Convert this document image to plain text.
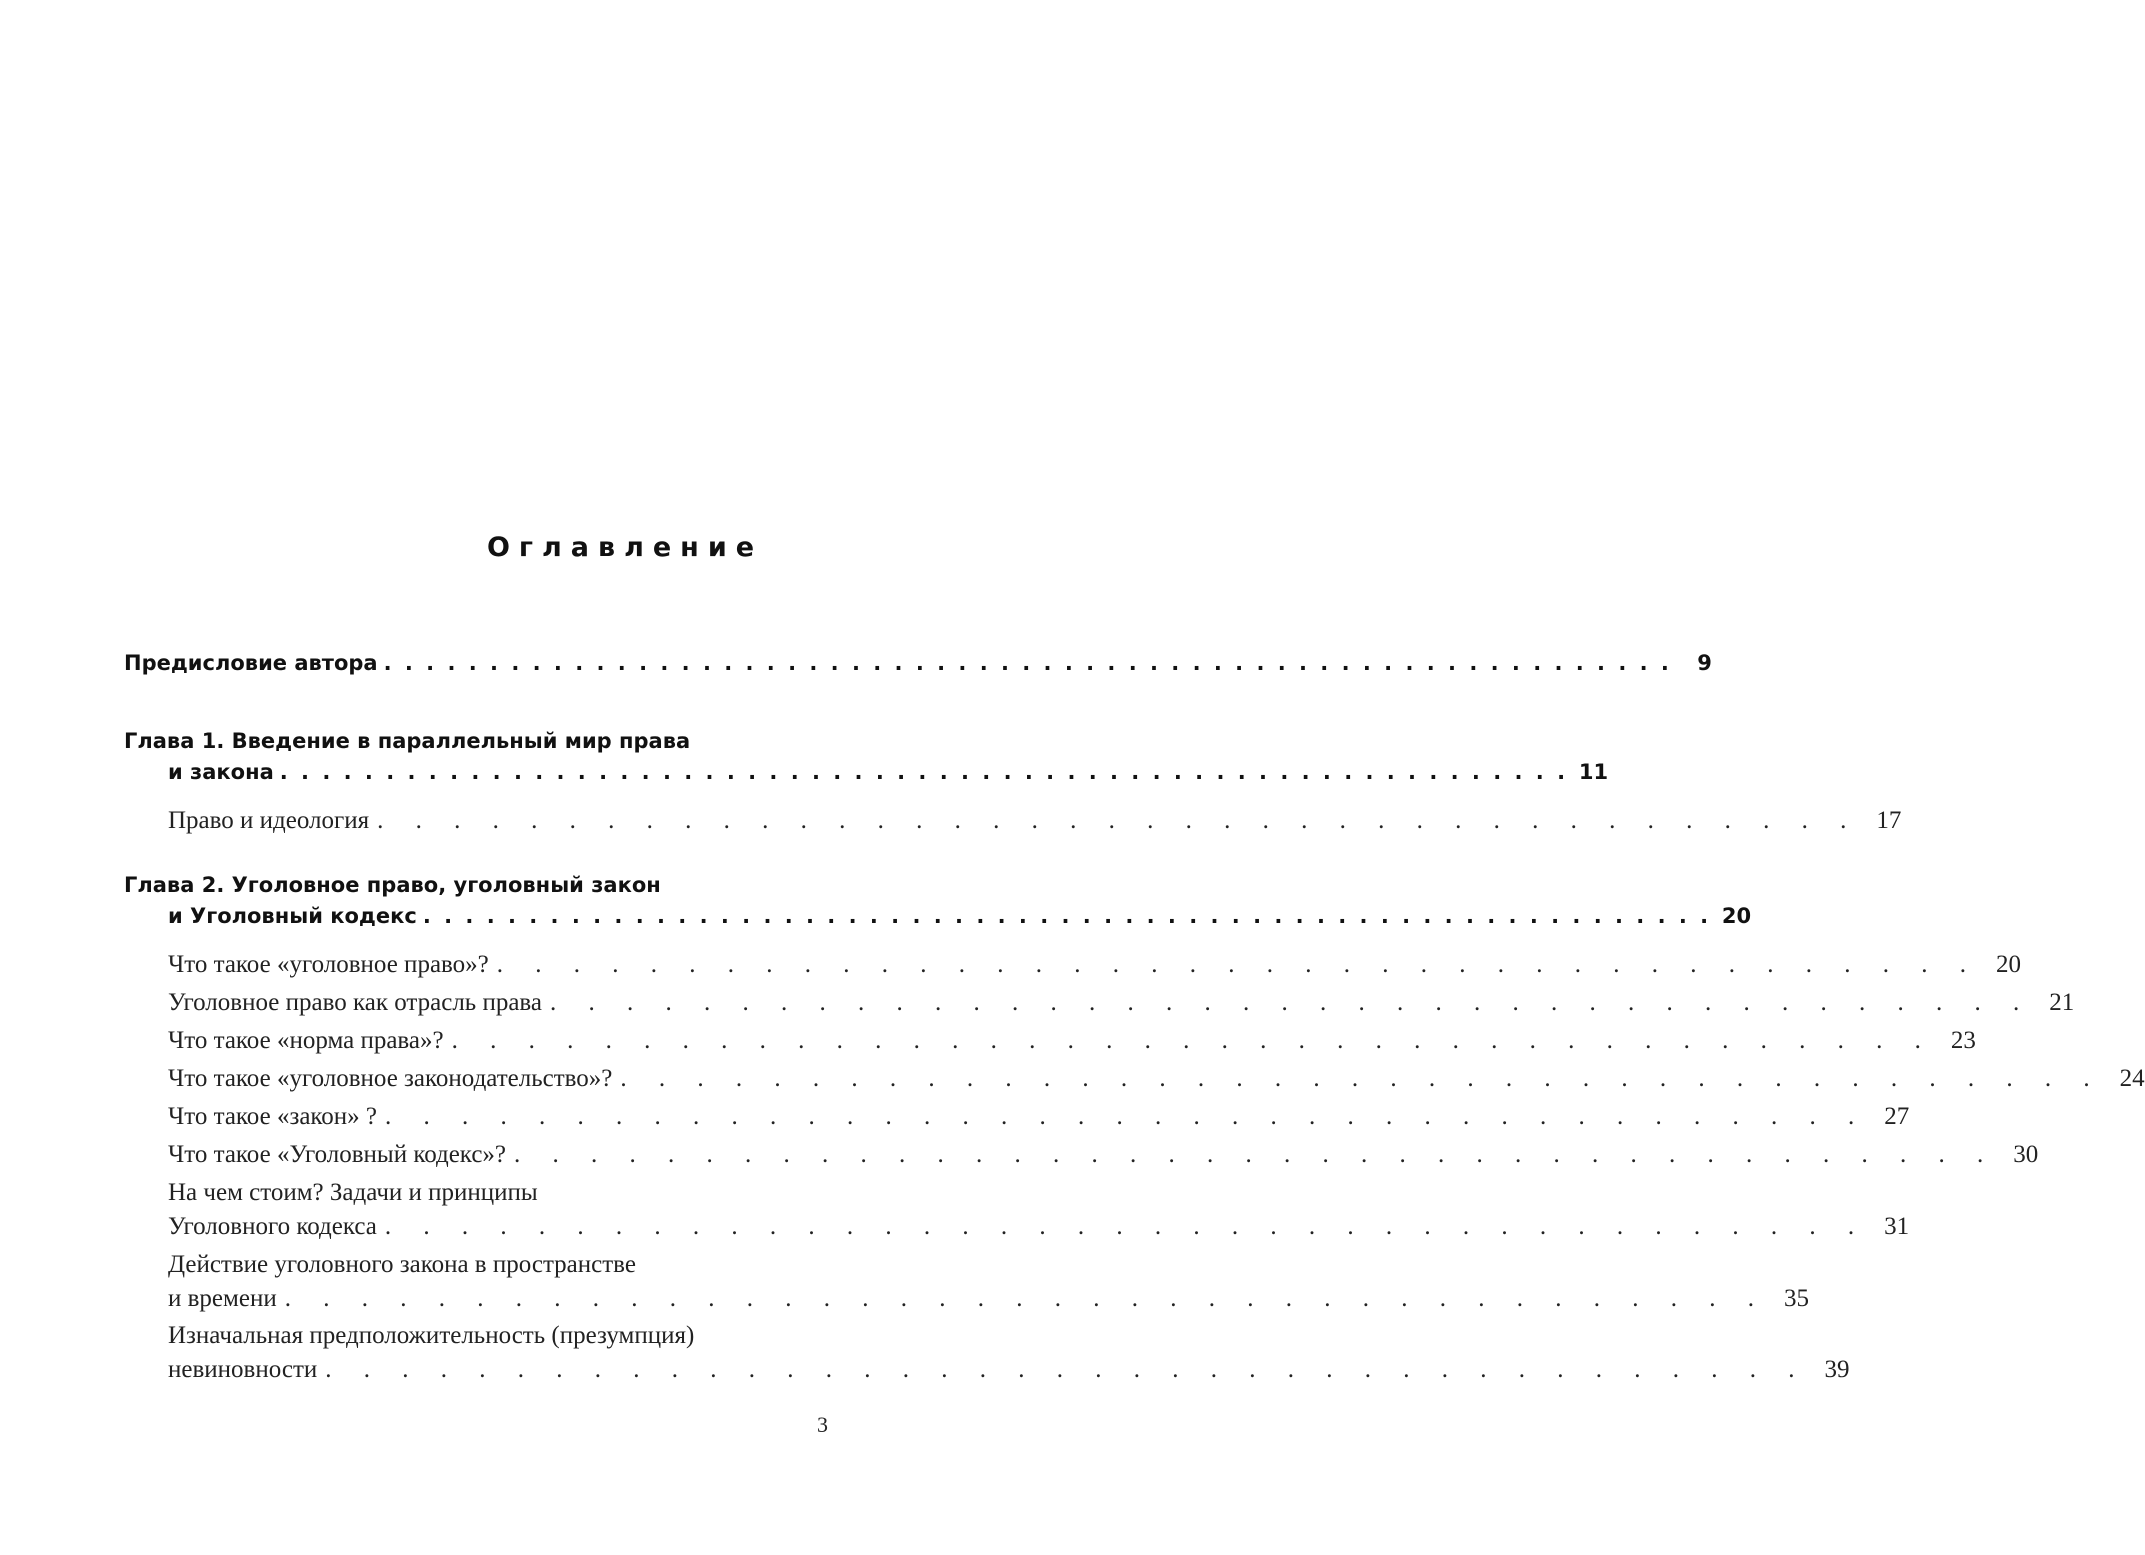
Оглавление
Предисловие автора . . . . . . . . . . . . . . . . . . . . . . . . . . . . . . . . . . . . . . . . . . . . . . . . . . . . . . . . . . . . .	9
Глава 1. Введение в параллельный мир права
и закона . . . . . . . . . . . . . . . . . . . . . . . . . . . . . . . . . . . . . . . . . . . . . . . . . . . . . . . . . . . . . 11
Право и идеология . . . . . . . . . . . . . . . . . . . . . . . . . . . . . . . . . . . . . . . 17
Глава 2. Уголовное право, уголовный закон
и Уголовный кодекс . . . . . . . . . . . . . . . . . . . . . . . . . . . . . . . . . . . . . . . . . . . . . . . . . . . . . . . . . . . . . 20
Что такое «уголовное право»? . . . . . . . . . . . . . . . . . . . . . . . . . . . . . . . . . . . . . . . 20
Уголовное право как отрасль права . . . . . . . . . . . . . . . . . . . . . . . . . . . . . . . . . . . . . . . 21
Что такое «норма права»? . . . . . . . . . . . . . . . . . . . . . . . . . . . . . . . . . . . . . . . 23
Что такое «уголовное законодательство»? . . . . . . . . . . . . . . . . . . . . . . . . . . . . . . . . . . . . . . . 24
Что такое «закон» ? . . . . . . . . . . . . . . . . . . . . . . . . . . . . . . . . . . . . . . . 27
Что такое «Уголовный кодекс»? . . . . . . . . . . . . . . . . . . . . . . . . . . . . . . . . . . . . . . . 30
На чем стоим? Задачи и принципы
Уголовного кодекса . . . . . . . . . . . . . . . . . . . . . . . . . . . . . . . . . . . . . . . 31
Действие уголовного закона в пространстве
и времени . . . . . . . . . . . . . . . . . . . . . . . . . . . . . . . . . . . . . . . 35
Изначальная предположительность (презумпция)
невиновности . . . . . . . . . . . . . . . . . . . . . . . . . . . . . . . . . . . . . . . 39
3
